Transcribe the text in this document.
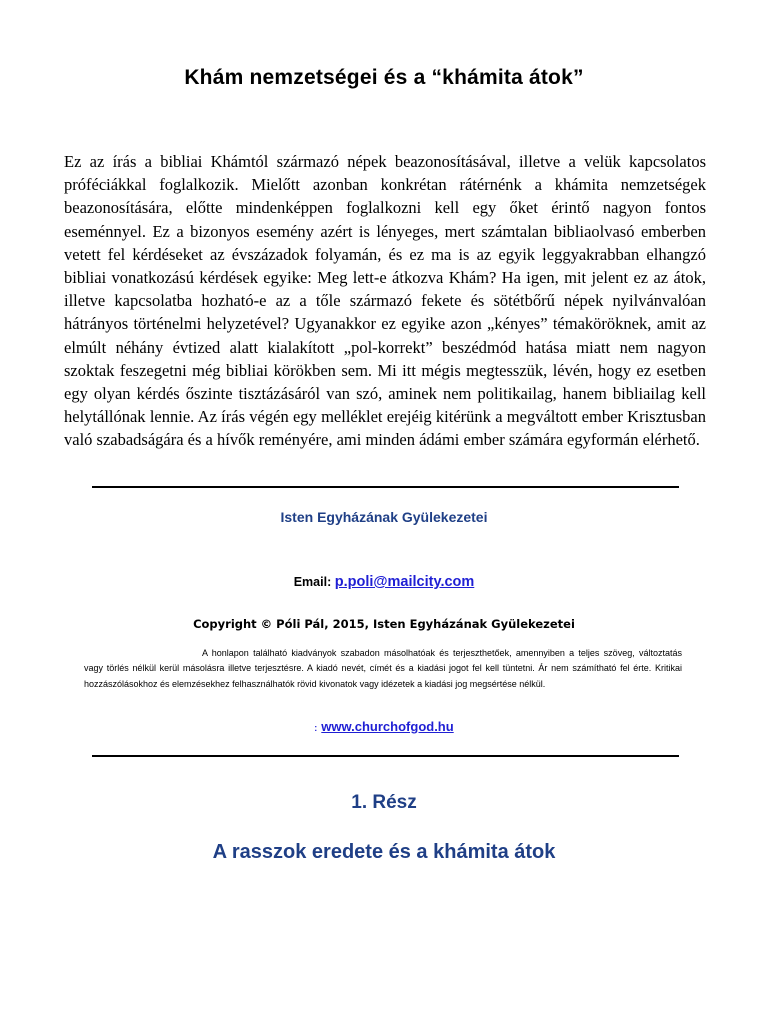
Khám nemzetségei és a “khámita átok”

Ez az írás a bibliai Khámtól származó népek beazonosításával, illetve a velük kapcsolatos próféciákkal foglalkozik. Mielőtt azonban konkrétan rátérnénk a khámita nemzetségek beazonosítására, előtte mindenképpen foglalkozni kell egy őket érintő nagyon fontos eseménnyel. Ez a bizonyos esemény azért is lényeges, mert számtalan bibliaolvasó emberben vetett fel kérdéseket az évszázadok folyamán, és ez ma is az egyik leggyakrabban elhangzó bibliai vonatkozású kérdések egyike: Meg lett-e átkozva Khám? Ha igen, mit jelent ez az átok, illetve kapcsolatba hozható-e az a tőle származó fekete és sötétbőrű népek nyilvánvalóan hátrányos történelmi helyzetével? Ugyanakkor ez egyike azon „kényes” témaköröknek, amit az elmúlt néhány évtized alatt kialakított „pol-korrekt” beszédmód hatása miatt nem nagyon szoktak feszegetni még bibliai körökben sem. Mi itt mégis megtesszük, lévén, hogy ez esetben egy olyan kérdés őszinte tisztázásáról van szó, aminek nem politikailag, hanem bibliailag kell helytállónak lennie. Az írás végén egy melléklet erejéig kitérünk a megváltott ember Krisztusban való szabadságára és a hívők reményére, ami minden ádámi ember számára egyformán elérhető.

Isten Egyházának Gyülekezetei
Email: p.poli@mailcity.com
Copyright © Póli Pál, 2015, Isten Egyházának Gyülekezetei

A honlapon található kiadványok szabadon másolhatóak és terjeszthetőek, amennyiben a teljes szöveg, változtatás vagy törlés nélkül kerül másolásra illetve terjesztésre. A kiadó nevét, címét és a kiadási jogot fel kell tüntetni. Ár nem számítható fel érte. Kritikai hozzászólásokhoz és elemzésekhez felhasználhatók rövid kivonatok vagy idézetek a kiadási jog megsértése nélkül.

: www.churchofgod.hu
1. Rész
A rasszok eredete és a khámita átok
